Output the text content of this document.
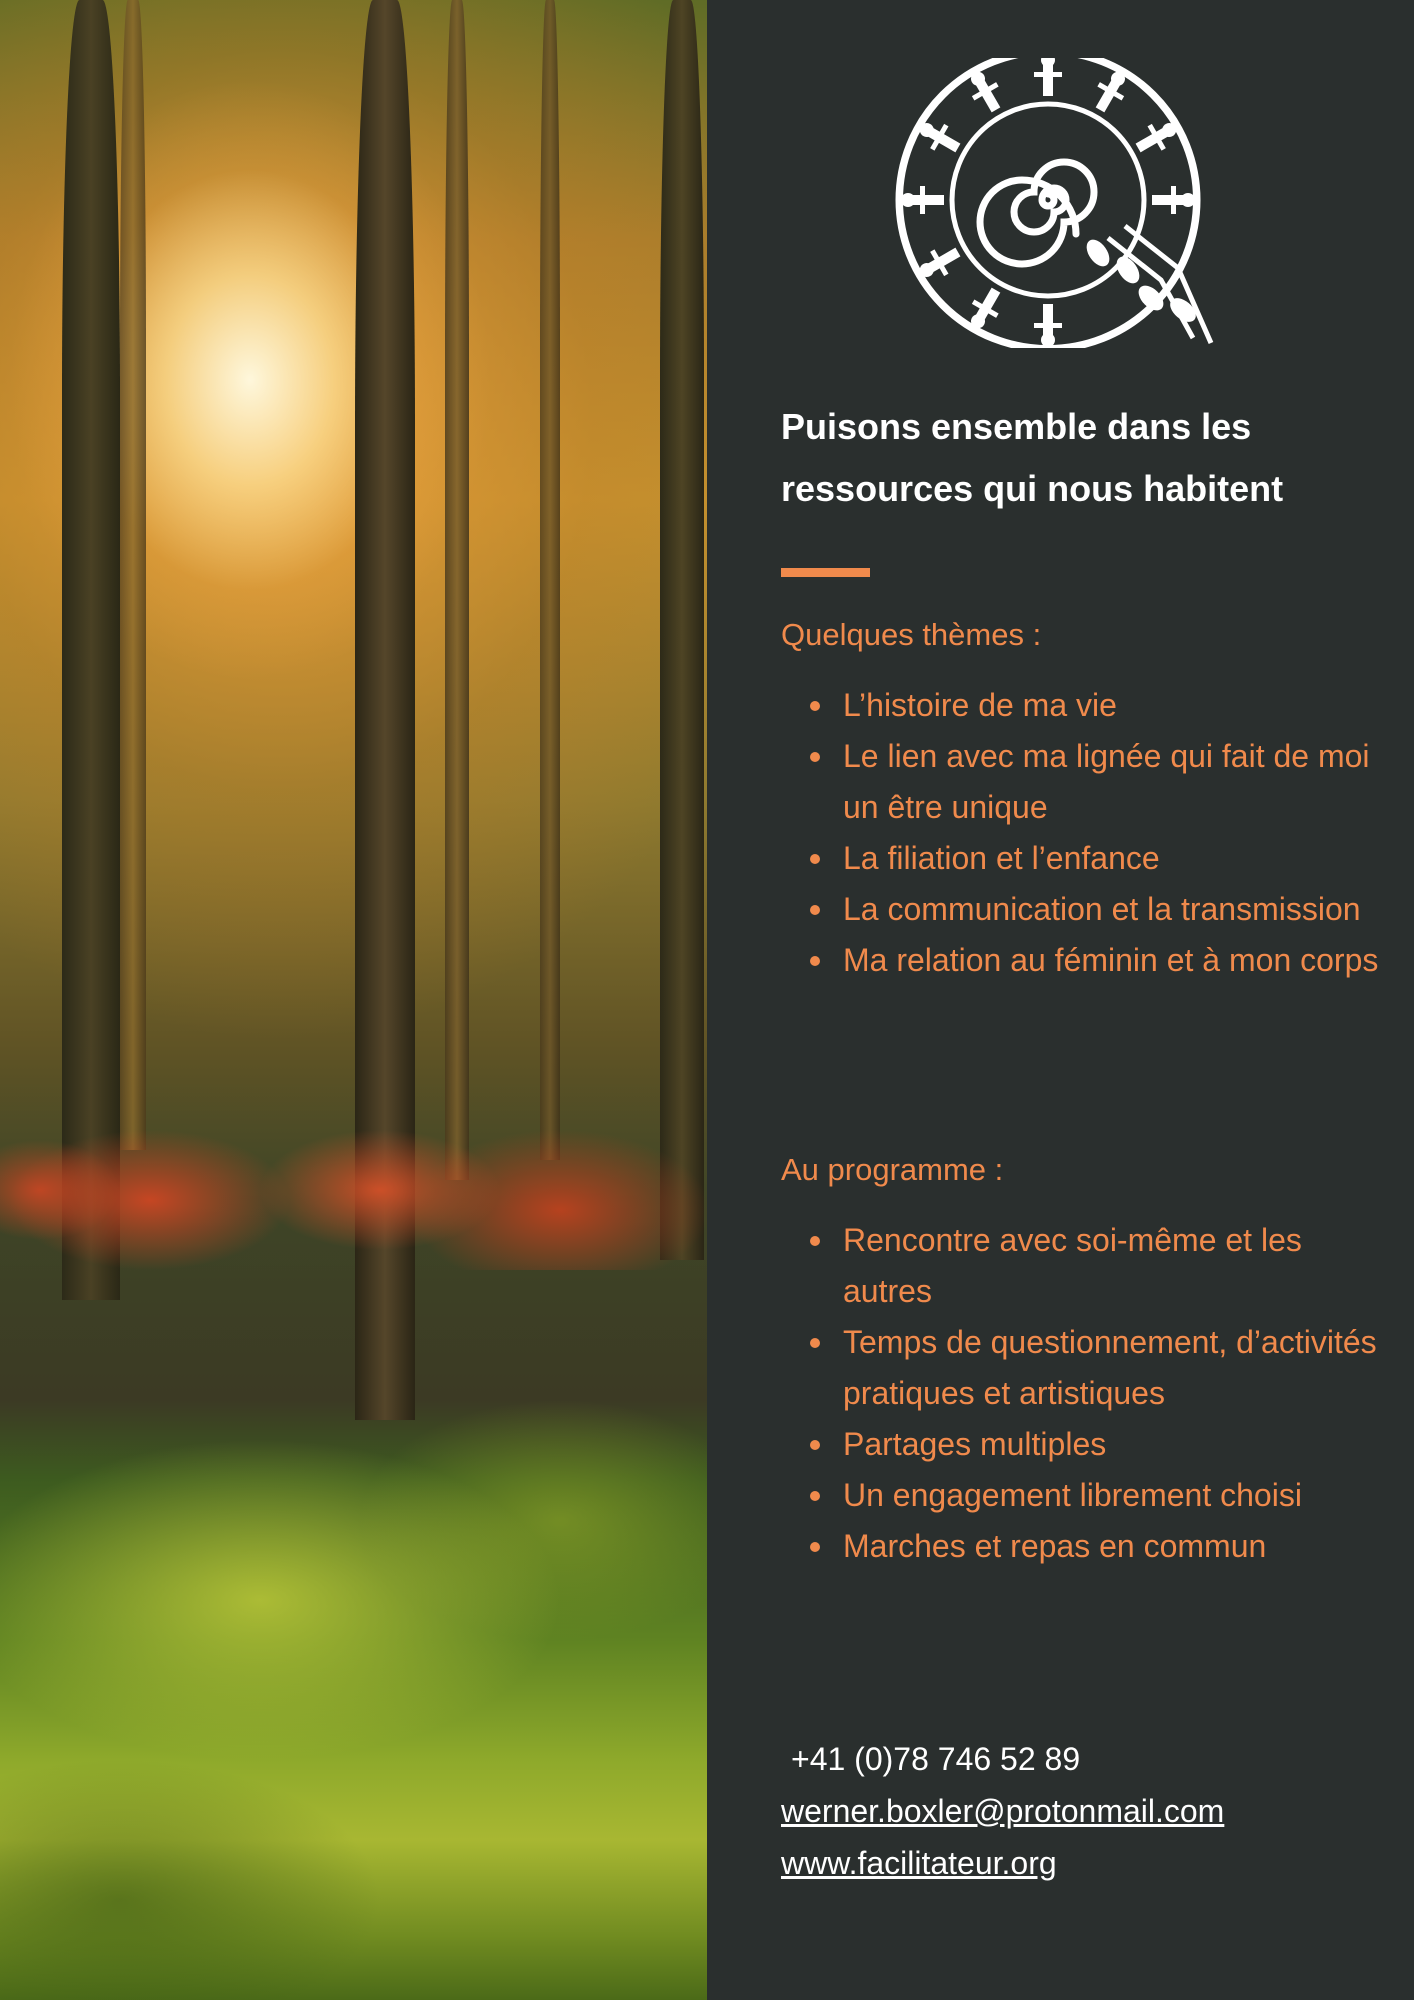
Puisons ensemble dans les ressources qui nous habitent
Quelques thèmes :
L’histoire de ma vie
Le lien avec ma lignée qui fait de moi un être unique
La filiation et l’enfance
La communication et la transmission
Ma relation au féminin et à mon corps
Au programme :
Rencontre avec soi-même et les autres
Temps de questionnement, d’activités pratiques et artistiques
Partages multiples
Un engagement librement choisi
Marches et repas en commun
+41 (0)78 746 52 89
werner.boxler@protonmail.com
www.facilitateur.org
